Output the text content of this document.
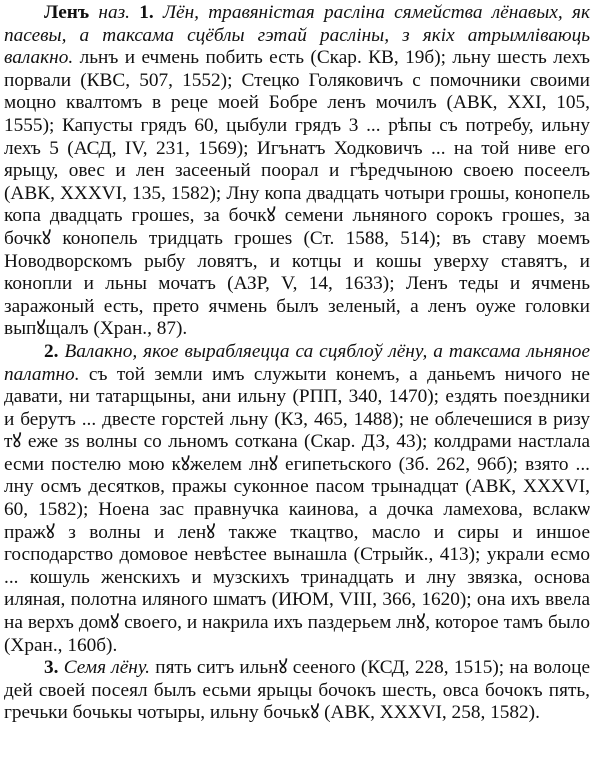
Ленъ наз. 1. Лён, травяністая расліна сямейства лёнавых, як пасевы, а таксама сцёблы гэтай расліны, з якіх атрымліваюць валакно. льнъ и ечмень побить есть (Скар. КВ, 19б); льну шесть лехъ порвали (КВС, 507, 1552); Стецко Голяковичъ с помочники своими моцно квалтомъ в реце моей Бобре ленъ мочилъ (АВК, XXI, 105, 1555); Капусты грядъ 60, цыбули грядъ 3 ... рѣпы съ потребу, ильну лехъ 5 (АСД, IV, 231, 1569); Игънатъ Ходковичъ ... на той ниве его ярыцу, овес и лен засееный поорал и гѣредчыною своею посеелъ (АВК, XXXVI, 135, 1582); Лну копа двадцать чотыри грошы, конопель копа двадцать грошеs, за бочкꙋ семени льняного сорокъ грошеs, за бочкꙋ конопель тридцать грошеs (Ст. 1588, 514); въ ставу моемъ Новодворскомъ рыбу ловятъ, и котцы и кошы уверху ставятъ, и конопли и льны мочатъ (АЗР, V, 14, 1633); Ленъ теды и ячмень заражоный есть, прето ячмень былъ зеленый, а ленъ оуже головки выпꙋщалъ (Хран., 87).

2. Валакно, якое вырабляецца са сцяблоў лёну, а таксама льняное палатно. съ той земли имъ служыти конемъ, а даньемъ ничого не давати, ни татарщыны, ани ильну (РПП, 340, 1470); ездять поездники и берутъ ... двесте горстей льну (КЗ, 465, 1488); не облечешися в ризу тꙋ еже зs волны со льномъ соткана (Скар. ДЗ, 43); колдрами настлала есми постелю мою кꙋжелем лнꙋ египетьского (Зб. 262, 96б); взято ... лну осмъ десятков, пражы суконное пасом трынадцат (АВК, XXXVI, 60, 1582); Ноена зас правнучка каинова, а дочка ламехова, вслакѡ пражꙋ з волны и ленꙋ также ткацтво, масло и сиры и иншое господарство домовое невѣстее вынашла (Стрыйк., 413); украли есмо ... кошуль женскихъ и музскихъ тринадцать и лну звязка, основа иляная, полотна иляного шматъ (ИЮМ, VIII, 366, 1620); она ихъ ввела на верхъ домꙋ своего, и накрила ихъ паздерьем лнꙋ, которое тамъ было (Хран., 160б).

3. Семя лёну. пять ситъ ильнꙋ сееного (КСД, 228, 1515); на волоце дей своей посеял былъ есьми ярыцы бочокъ шесть, овса бочокъ пять, гречьки бочькы чотыры, ильну бочькꙋ (АВК, XXXVI, 258, 1582).
